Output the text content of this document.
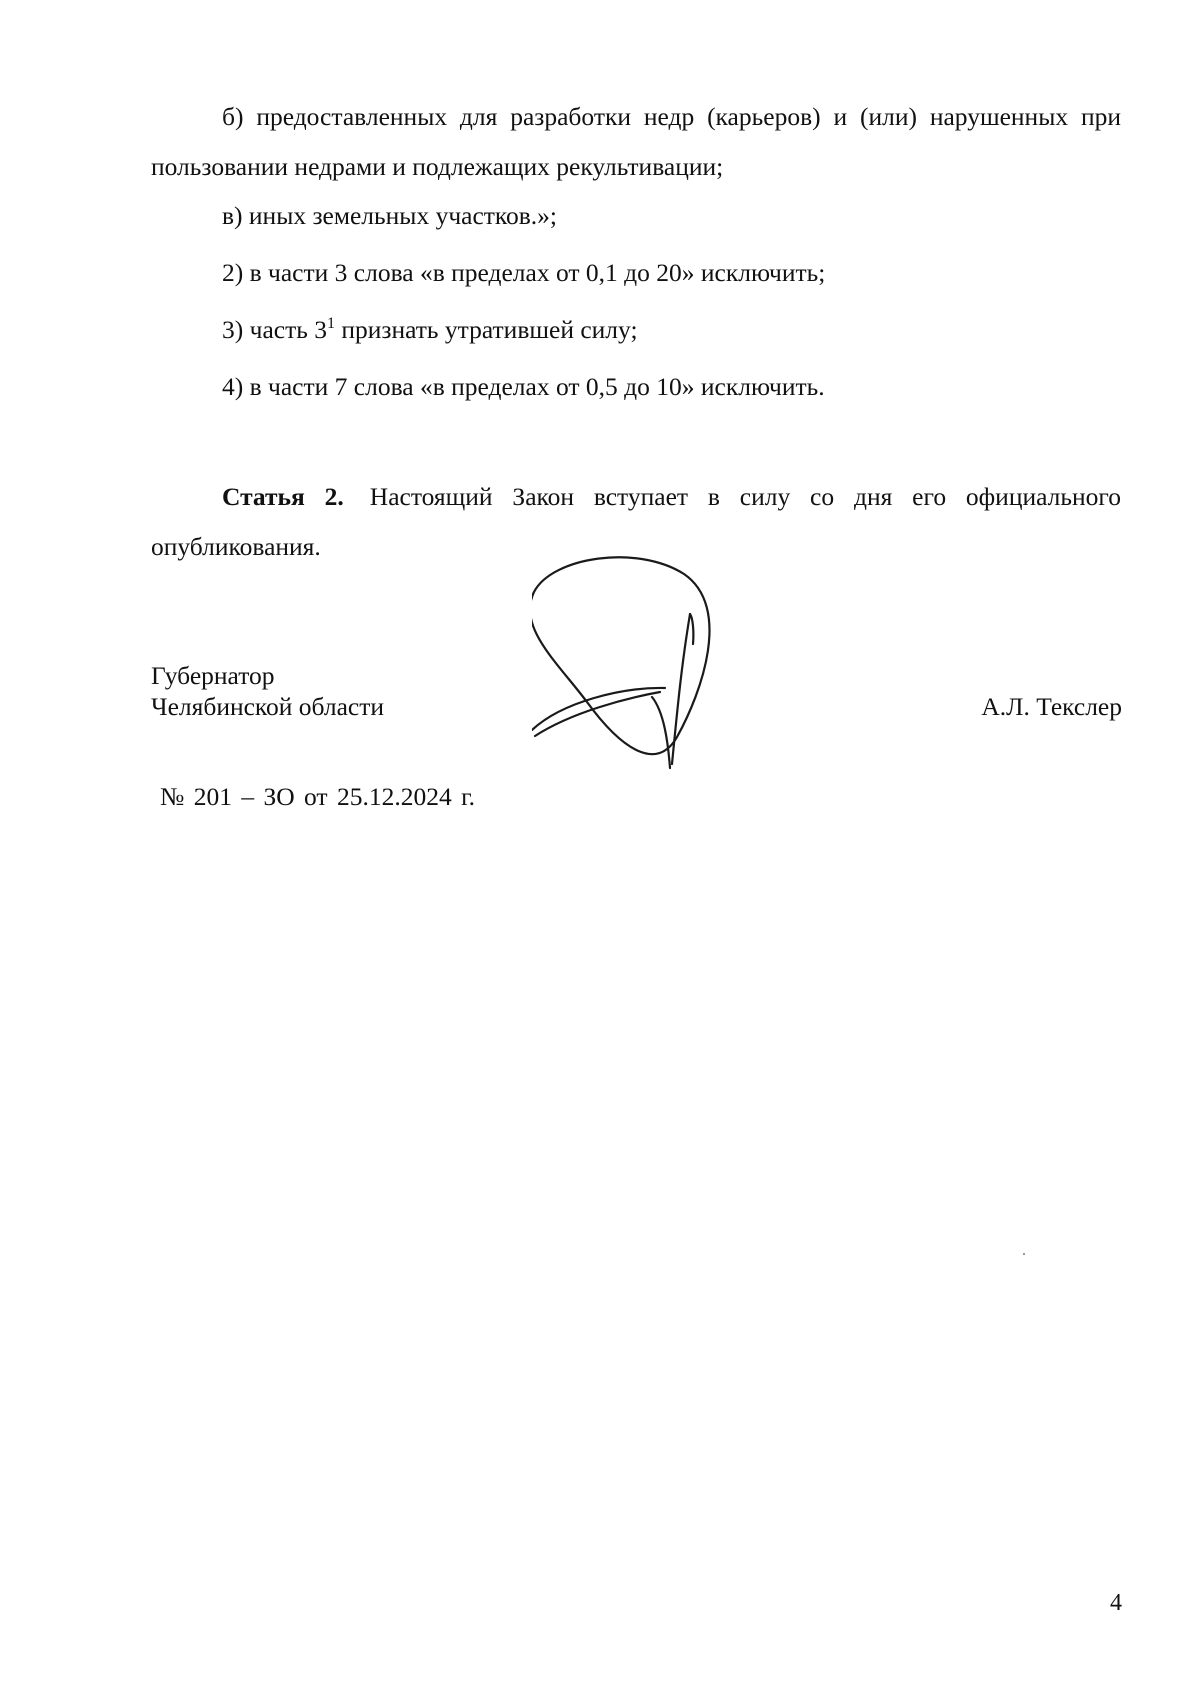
б) предоставленных для разработки недр (карьеров) и (или) нарушенных при пользовании недрами и подлежащих рекультивации;

в) иных земельных участков.»;

2) в части 3 слова «в пределах от 0,1 до 20» исключить;

3) часть $3^1$ признать утратившей силу;

4) в части 7 слова «в пределах от 0,5 до 10» исключить.

Статья 2. Настоящий Закон вступает в силу со дня его официального опубликования.

Губернатор
Челябинской области	А.Л. Текслер
№ 201 – ЗО от 25.12.2024 г.
4
